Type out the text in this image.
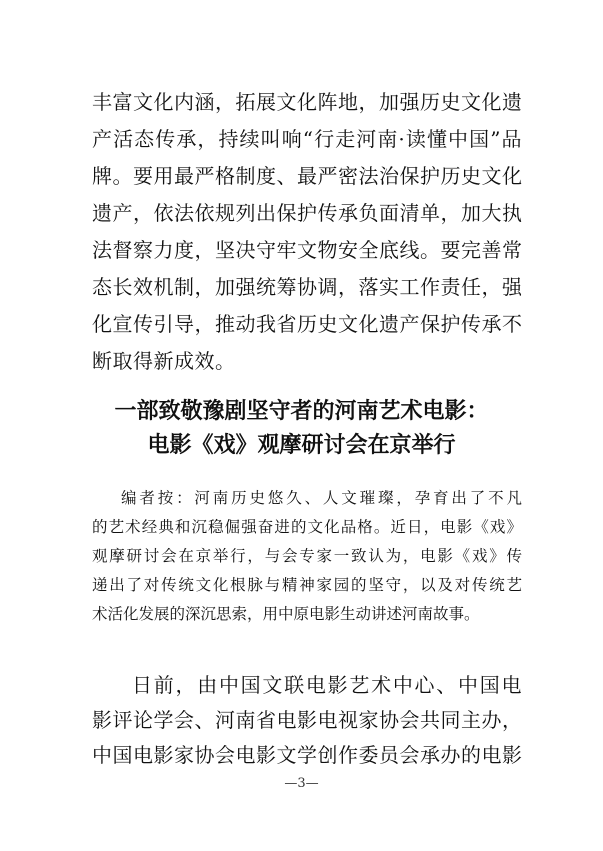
丰富文化内涵，拓展文化阵地，加强历史文化遗
产活态传承，持续叫响“行走河南·读懂中国”品
牌。要用最严格制度、最严密法治保护历史文化
遗产，依法依规列出保护传承负面清单，加大执
法督察力度，坚决守牢文物安全底线。要完善常
态长效机制，加强统筹协调，落实工作责任，强
化宣传引导，推动我省历史文化遗产保护传承不
断取得新成效。
一部致敬豫剧坚守者的河南艺术电影：
电影《戏》观摩研讨会在京举行
编者按：河南历史悠久、人文璀璨，孕育出了不凡
的艺术经典和沉稳倔强奋进的文化品格。近日，电影《戏》
观摩研讨会在京举行，与会专家一致认为，电影《戏》传
递出了对传统文化根脉与精神家园的坚守，以及对传统艺
术活化发展的深沉思索，用中原电影生动讲述河南故事。
日前，由中国文联电影艺术中心、中国电
影评论学会、河南省电影电视家协会共同主办，
中国电影家协会电影文学创作委员会承办的电影
—3—
